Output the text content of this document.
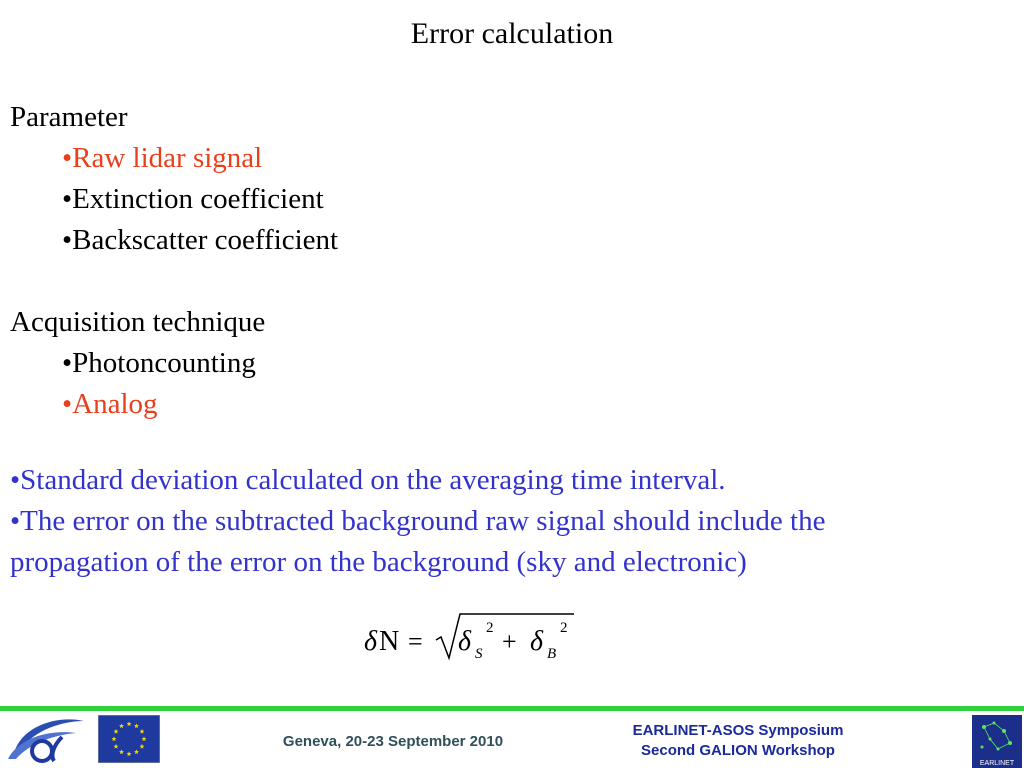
Error calculation
Parameter
•Raw lidar signal
•Extinction coefficient
•Backscatter coefficient
Acquisition technique
•Photoncounting
•Analog
•Standard deviation calculated on the averaging time interval.
•The error on the subtracted background raw signal should include the
propagation of the error on the background (sky and electronic)
δ N = δ S
2 + δ B
2
Geneva, 20-23 September 2010
EARLINET-ASOS Symposium
Second GALION Workshop
EARLINET
